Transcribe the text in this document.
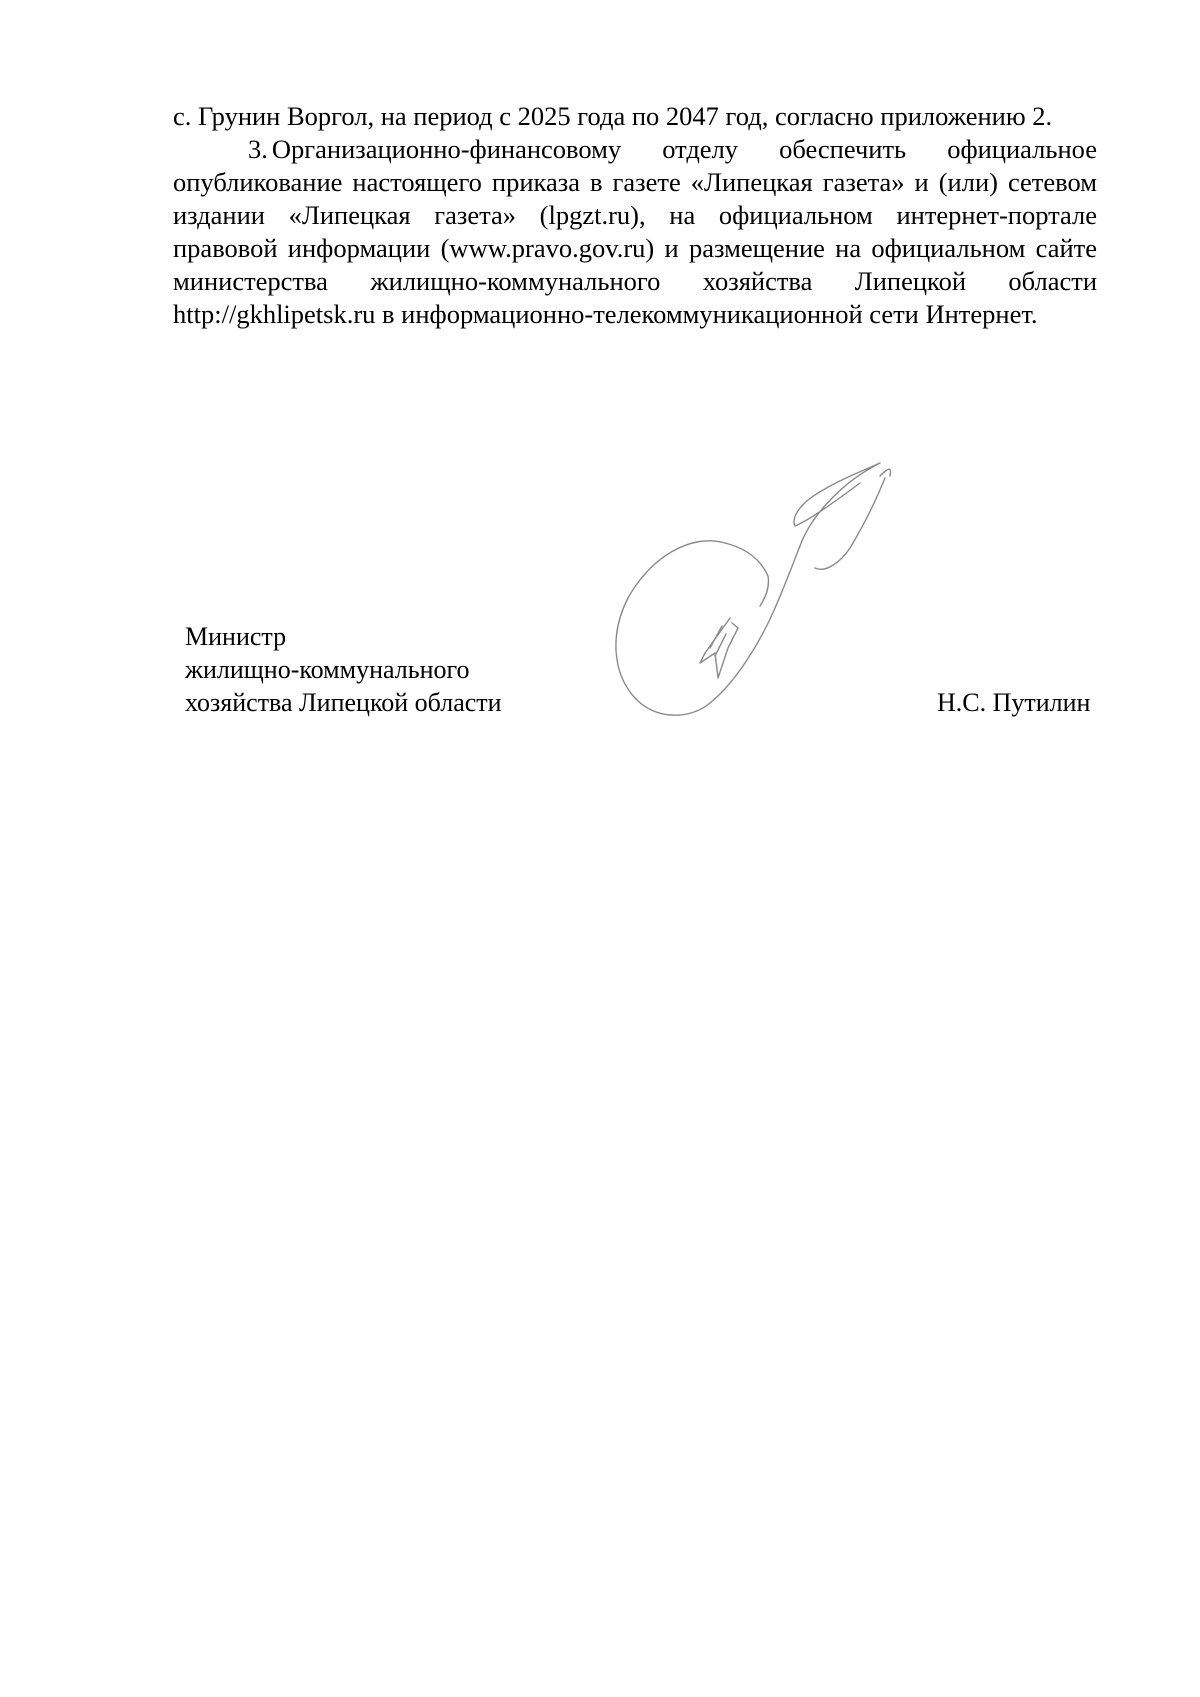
с. Грунин Воргол, на период с 2025 года по 2047 год, согласно приложению 2.

3. Организационно-финансовому отделу обеспечить официальное опубликование настоящего приказа в газете «Липецкая газета» и (или) сетевом издании «Липецкая газета» (lpgzt.ru), на официальном интернет-портале правовой информации (www.pravo.gov.ru) и размещение на официальном сайте министерства жилищно-коммунального хозяйства Липецкой области http://gkhlipetsk.ru в информационно-телекоммуникационной сети Интернет.

Министр
жилищно-коммунального
хозяйства Липецкой области	Н.С. Путилин
